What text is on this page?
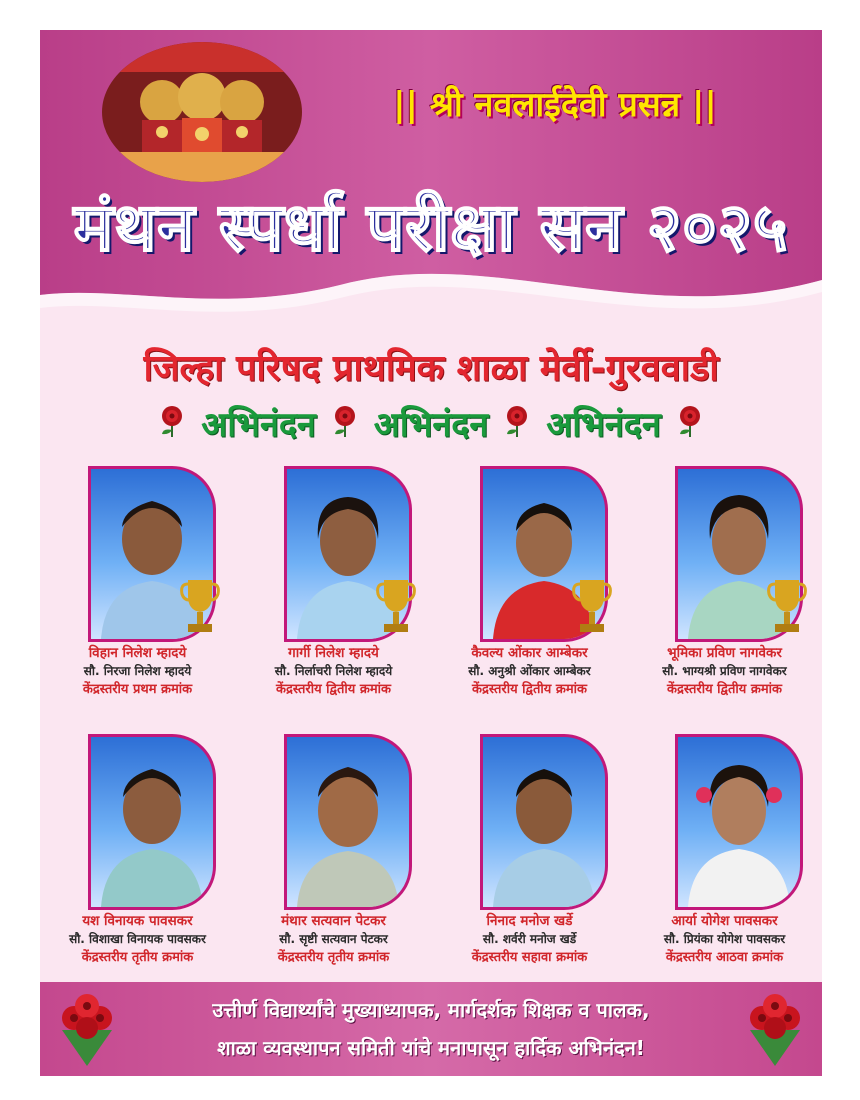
|| श्री नवलाईदेवी प्रसन्न ||
मंथन स्पर्धा परीक्षा सन २०२५
जिल्हा परिषद प्राथमिक शाळा मेर्वी-गुरववाडी
अभिनंदन अभिनंदन अभिनंदन
विहान निलेश म्हादये
सौ. निरजा निलेश म्हादये
केंद्रस्तरीय प्रथम क्रमांक
गार्गी निलेश म्हादये
सौ. निर्लाचरी निलेश म्हादये
केंद्रस्तरीय द्वितीय क्रमांक
कैवल्य ओंकार आम्बेकर
सौ. अनुश्री ओंकार आम्बेकर
केंद्रस्तरीय द्वितीय क्रमांक
भूमिका प्रविण नागवेकर
सौ. भाग्यश्री प्रविण नागवेकर
केंद्रस्तरीय द्वितीय क्रमांक
यश विनायक पावसकर
सौ. विशाखा विनायक पावसकर
केंद्रस्तरीय तृतीय क्रमांक
मंथार सत्यवान पेटकर
सौ. सृष्टी सत्यवान पेटकर
केंद्रस्तरीय तृतीय क्रमांक
निनाद मनोज खर्डे
सौ. शर्वरी मनोज खर्डे
केंद्रस्तरीय सहावा क्रमांक
आर्या योगेश पावसकर
सौ. प्रियंका योगेश पावसकर
केंद्रस्तरीय आठवा क्रमांक
उत्तीर्ण विद्यार्थ्यांचे मुख्याध्यापक, मार्गदर्शक शिक्षक व पालक,
शाळा व्यवस्थापन समिती यांचे मनापासून हार्दिक अभिनंदन!
